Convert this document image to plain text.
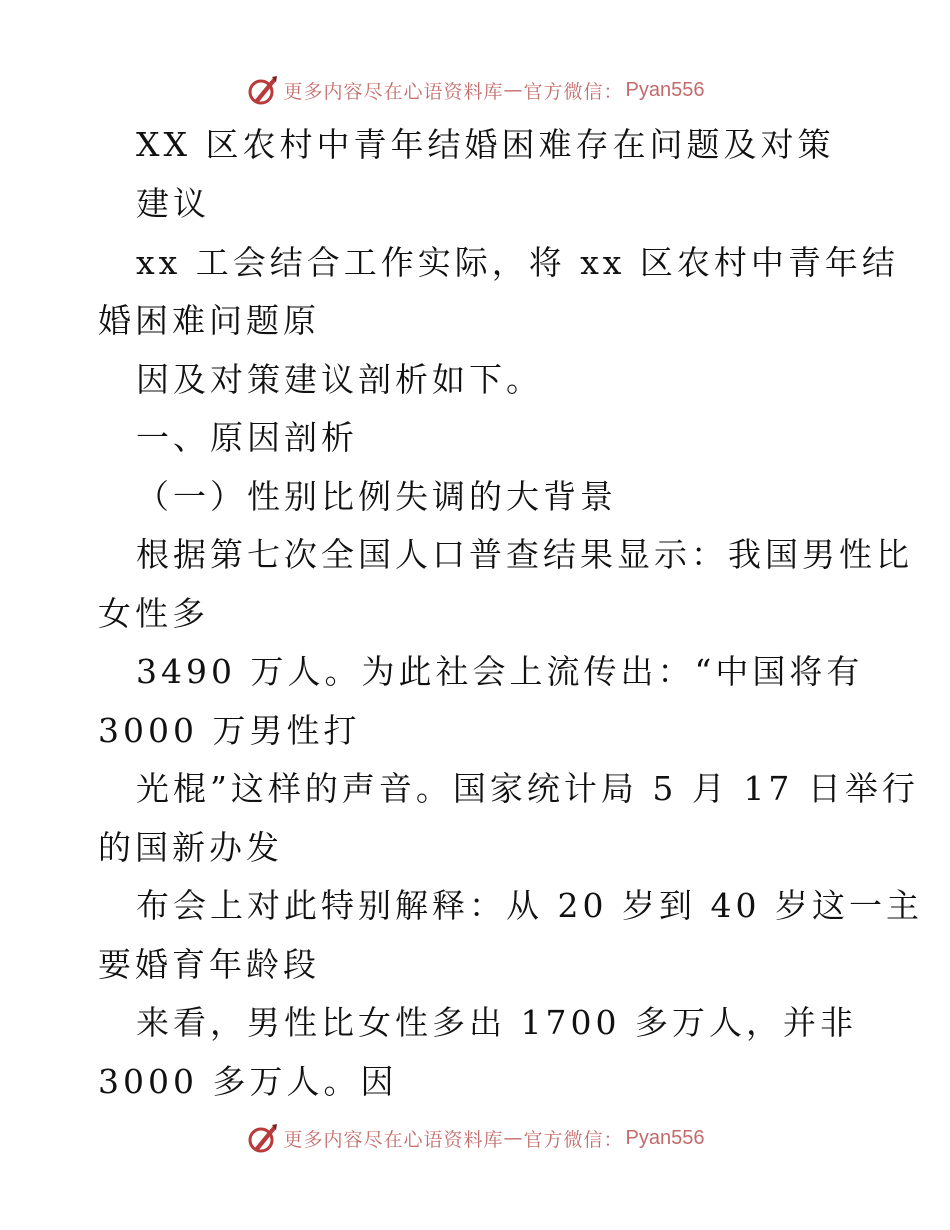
更多内容尽在心语资料库 — 官方微信： Pyan556
XX 区农村中青年结婚困难存在问题及对策
建议
xx 工会结合工作实际，将 xx 区农村中青年结
婚困难问题原
因及对策建议剖析如下。
一、原因剖析
（一）性别比例失调的大背景
根据第七次全国人口普查结果显示：我国男性比
女性多
3490 万人。为此社会上流传出：“中国将有
3000 万男性打
光棍”这样的声音。国家统计局 5 月 17 日举行
的国新办发
布会上对此特别解释：从 20 岁到 40 岁这一主
要婚育年龄段
来看，男性比女性多出 1700 多万人，并非
3000 多万人。因
更多内容尽在心语资料库 — 官方微信： Pyan556
